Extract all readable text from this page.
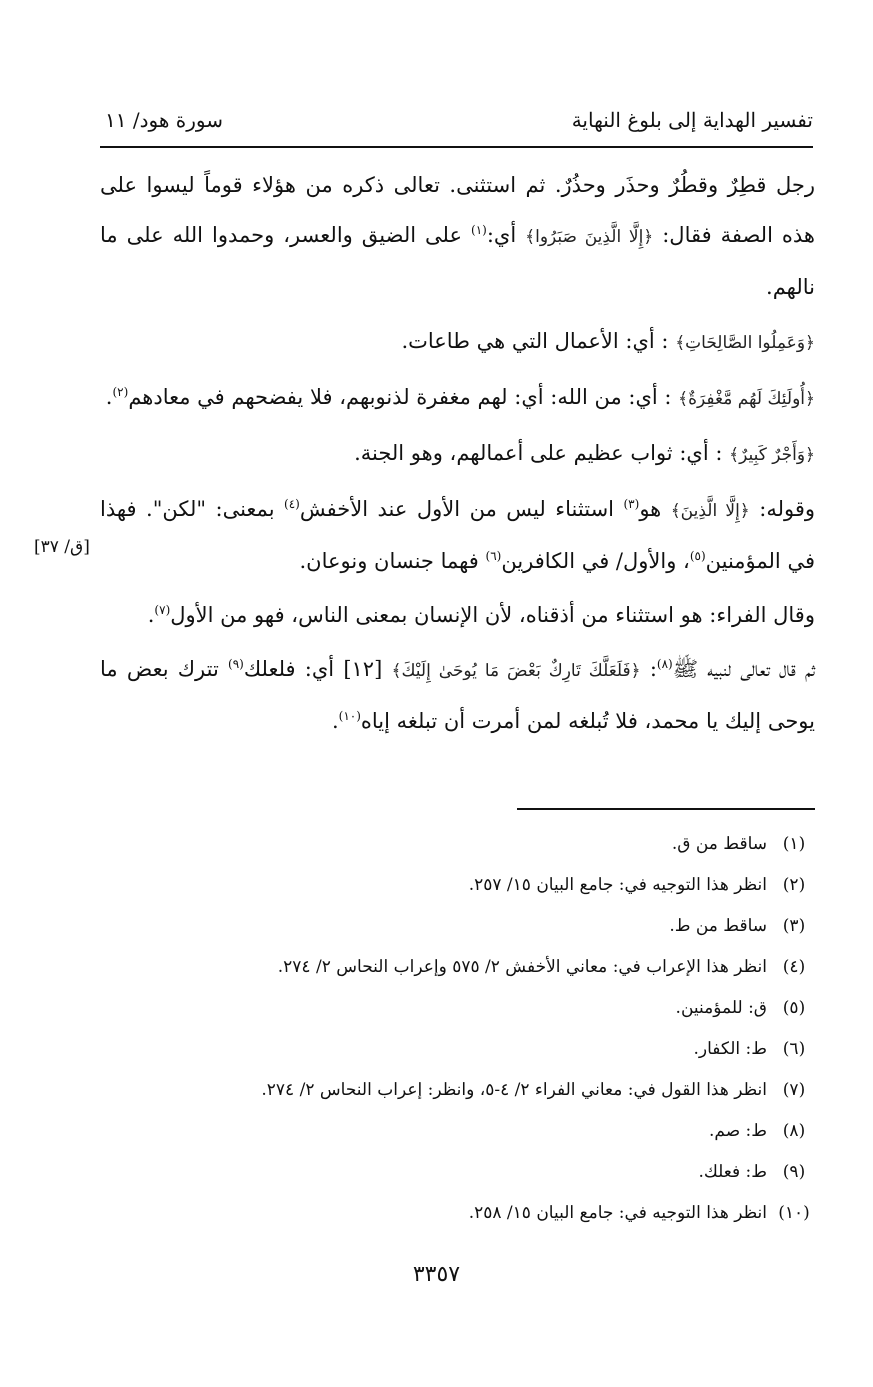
تفسير الهداية إلى بلوغ النهاية
سورة هود/ ١١

رجل قطِرٌ وقطُرٌ وحذَر وحذُرٌ. ثم استثنى. تعالى ذكره من هؤلاء قوماً ليسوا على هذه الصفة فقال: ﴿إِلَّا الَّذِينَ صَبَرُوا﴾ أي:$^{(١)}$ على الضيق والعسر، وحمدوا الله على ما نالهم.

﴿وَعَمِلُوا الصَّالِحَاتِ﴾ : أي: الأعمال التي هي طاعات.

﴿أُولَئِكَ لَهُم مَّغْفِرَةٌ﴾ : أي: من الله: أي: لهم مغفرة لذنوبهم، فلا يفضحهم في معادهم$^{(٢)}$.

﴿وَأَجْرٌ كَبِيرٌ﴾ : أي: ثواب عظيم على أعمالهم، وهو الجنة.

وقوله: ﴿إِلَّا الَّذِينَ﴾ هو$^{(٣)}$ استثناء ليس من الأول عند الأخفش$^{(٤)}$ بمعنى: "لكن". فهذا في المؤمنين$^{(٥)}$، والأول/ في الكافرين$^{(٦)}$ فهما جنسان ونوعان.

وقال الفراء: هو استثناء من أذقناه، لأن الإنسان بمعنى الناس، فهو من الأول$^{(٧)}$.

ثم قال تعالى لنبيه ﷺ$^{(٨)}$: ﴿فَلَعَلَّكَ تَارِكٌ بَعْضَ مَا يُوحَىٰ إِلَيْكَ﴾ [١٢] أي: فلعلك$^{(٩)}$ تترك بعض ما يوحى إليك يا محمد، فلا تُبلغه لمن أمرت أن تبلغه إياه$^{(١٠)}$.

[ق/ ٣٧]
(١)
ساقط من ق.
(٢)
انظر هذا التوجيه في: جامع البيان ١٥/ ٢٥٧.
(٣)
ساقط من ط.
(٤)
انظر هذا الإعراب في: معاني الأخفش ٢/ ٥٧٥ وإعراب النحاس ٢/ ٢٧٤.
(٥)
ق: للمؤمنين.
(٦)
ط: الكفار.
(٧)
انظر هذا القول في: معاني الفراء ٢/ ٤-٥، وانظر: إعراب النحاس ٢/ ٢٧٤.
(٨)
ط: صم.
(٩)
ط: فعلك.
(١٠)
انظر هذا التوجيه في: جامع البيان ١٥/ ٢٥٨.
٣٣٥٧
